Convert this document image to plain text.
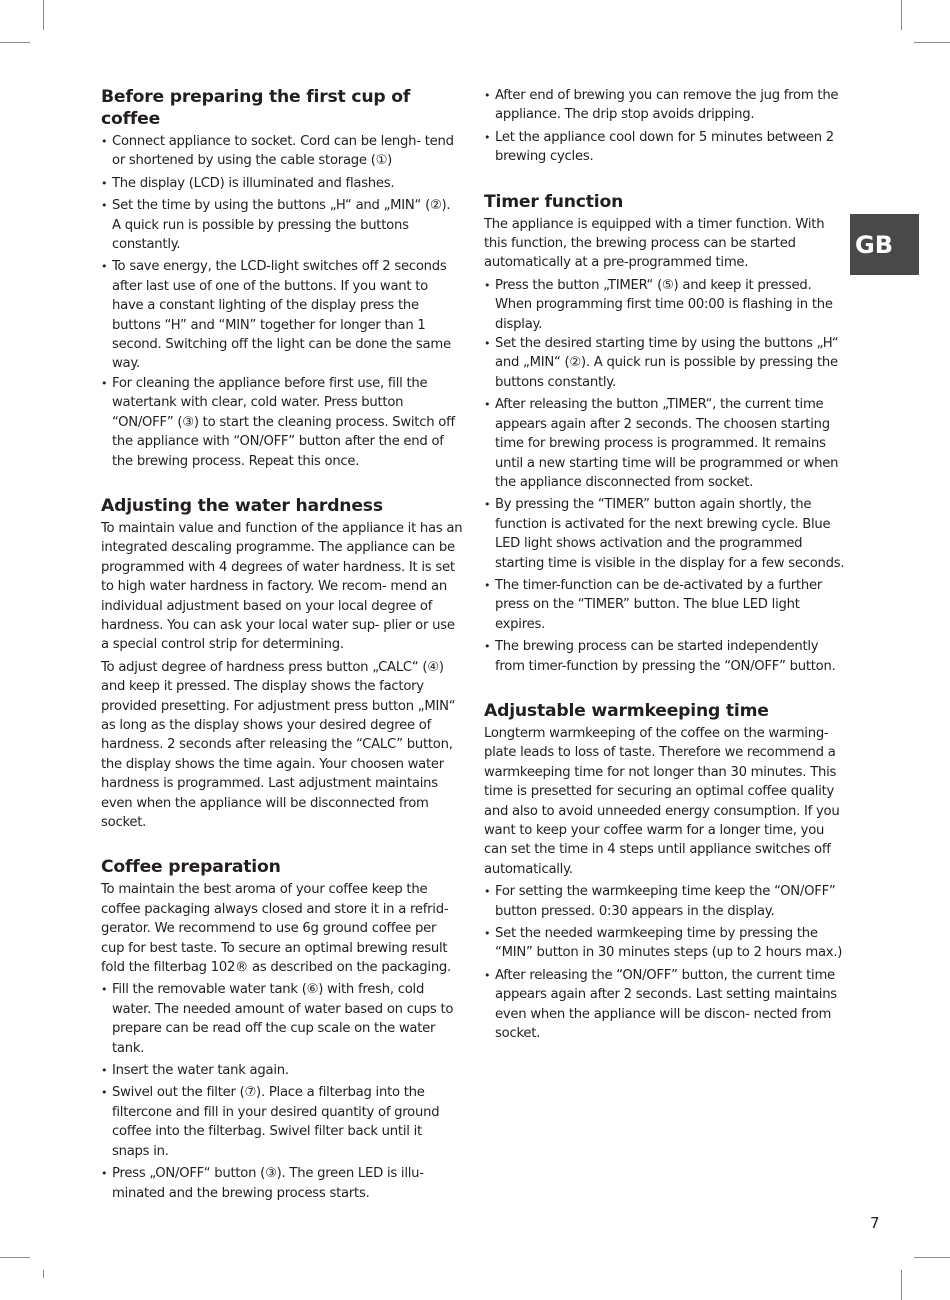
GB
Before preparing the first cup of coffee
• Connect appliance to socket. Cord can be lengh- tend or shortened by using the cable storage (①)
• The display (LCD) is illuminated and flashes.
• Set the time by using the buttons „H“ and „MIN“ (②). A quick run is possible by pressing the buttons constantly.
• To save energy, the LCD-light switches off 2 seconds after last use of one of the buttons. If you want to have a constant lighting of the display press the buttons “H” and “MIN” together for longer than 1 second. Switching off the light can be done the same way.
• For cleaning the appliance before first use, fill the watertank with clear, cold water. Press button “ON/OFF” (③) to start the cleaning process. Switch off the appliance with “ON/OFF” button after the end of the brewing process. Repeat this once.
Adjusting the water hardness

To maintain value and function of the appliance it has an integrated descaling programme. The appliance can be programmed with 4 degrees of water hardness. It is set to high water hardness in factory. We recom- mend an individual adjustment based on your local degree of hardness. You can ask your local water sup- plier or use a special control strip for determining.

To adjust degree of hardness press button „CALC“ (④) and keep it pressed. The display shows the factory provided presetting. For adjustment press button „MIN“ as long as the display shows your desired degree of hardness. 2 seconds after releasing the “CALC” button, the display shows the time again. Your choosen water hardness is programmed. Last adjustment maintains even when the appliance will be disconnected from socket.

Coffee preparation

To maintain the best aroma of your coffee keep the coffee packaging always closed and store it in a refrid- gerator. We recommend to use 6g ground coffee per cup for best taste. To secure an optimal brewing result fold the filterbag 102® as described on the packaging.

• Fill the removable water tank (⑥) with fresh, cold water. The needed amount of water based on cups to prepare can be read off the cup scale on the water tank.
• Insert the water tank again.
• Swivel out the filter (⑦). Place a filterbag into the filtercone and fill in your desired quantity of ground coffee into the filterbag. Swivel filter back until it snaps in.
• Press „ON/OFF“ button (③). The green LED is illu- minated and the brewing process starts.
• After end of brewing you can remove the jug from the appliance. The drip stop avoids dripping.
• Let the appliance cool down for 5 minutes between 2 brewing cycles.
Timer function

The appliance is equipped with a timer function. With this function, the brewing process can be started automatically at a pre-programmed time.

• Press the button „TIMER“ (⑤) and keep it pressed. When programming first time 00:00 is flashing in the display.
• Set the desired starting time by using the buttons „H“ and „MIN“ (②). A quick run is possible by pressing the buttons constantly.
• After releasing the button „TIMER“, the current time appears again after 2 seconds. The choosen starting time for brewing process is programmed. It remains until a new starting time will be programmed or when the appliance disconnected from socket.
• By pressing the “TIMER” button again shortly, the function is activated for the next brewing cycle. Blue LED light shows activation and the programmed starting time is visible in the display for a few seconds.
• The timer-function can be de-activated by a further press on the “TIMER” button. The blue LED light expires.
• The brewing process can be started independently from timer-function by pressing the “ON/OFF” button.
Adjustable warmkeeping time

Longterm warmkeeping of the coffee on the warming- plate leads to loss of taste. Therefore we recommend a warmkeeping time for not longer than 30 minutes. This time is presetted for securing an optimal coffee quality and also to avoid unneeded energy consumption. If you want to keep your coffee warm for a longer time, you can set the time in 4 steps until appliance switches off automatically.

• For setting the warmkeeping time keep the “ON/OFF” button pressed. 0:30 appears in the display.
• Set the needed warmkeeping time by pressing the “MIN” button in 30 minutes steps (up to 2 hours max.)
• After releasing the “ON/OFF” button, the current time appears again after 2 seconds. Last setting maintains even when the appliance will be discon- nected from socket.
7
